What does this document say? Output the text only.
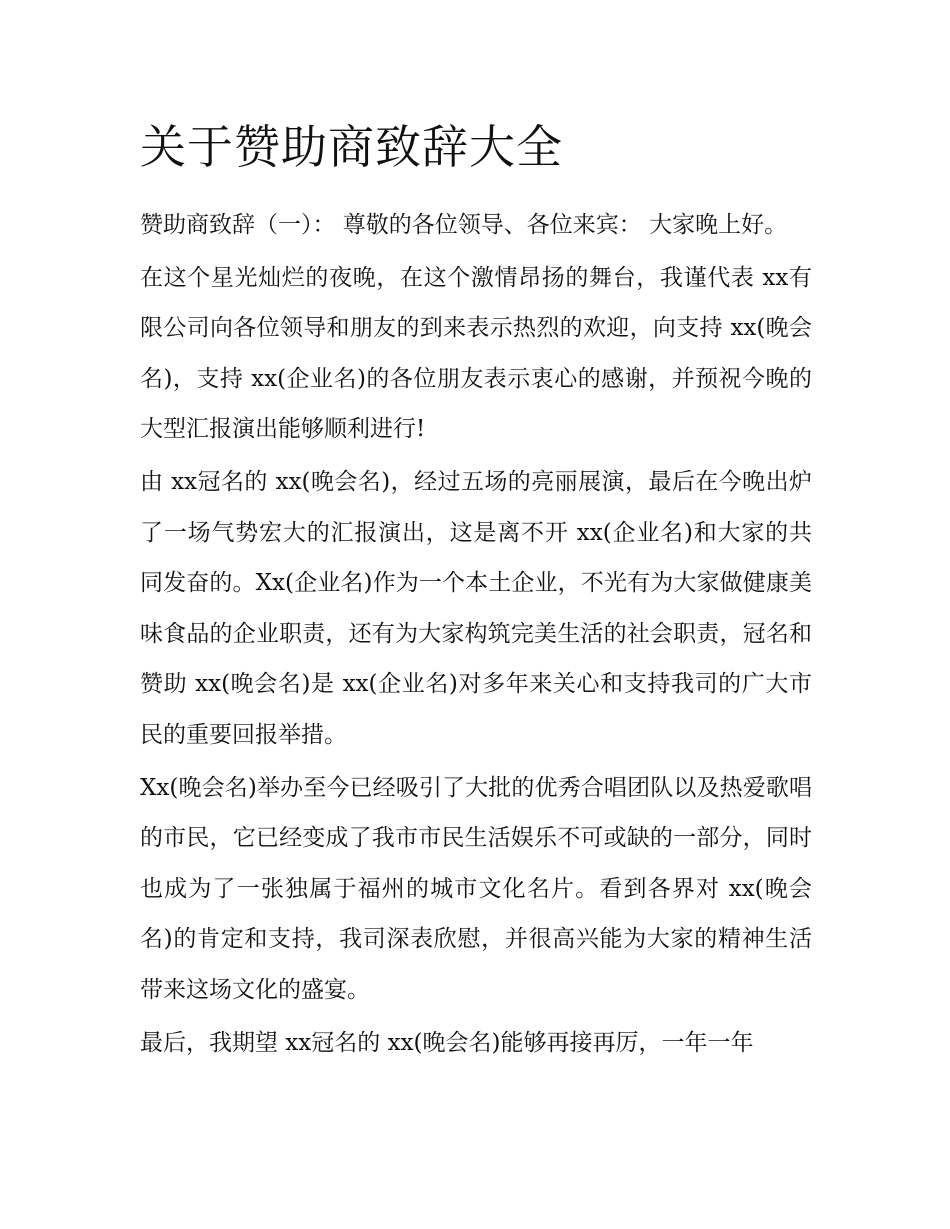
关于赞助商致辞大全

赞助商致辞（一）： 尊敬的各位领导、各位来宾： 大家晚上好。

在这个星光灿烂的夜晚，在这个激情昂扬的舞台，我谨代表 xx有限公司向各位领导和朋友的到来表示热烈的欢迎，向支持 xx(晚会名)，支持 xx(企业名)的各位朋友表示衷心的感谢，并预祝今晚的大型汇报演出能够顺利进行!

由 xx冠名的 xx(晚会名)，经过五场的亮丽展演，最后在今晚出炉了一场气势宏大的汇报演出，这是离不开 xx(企业名)和大家的共同发奋的。Xx(企业名)作为一个本土企业，不光有为大家做健康美味食品的企业职责，还有为大家构筑完美生活的社会职责，冠名和赞助 xx(晚会名)是 xx(企业名)对多年来关心和支持我司的广大市民的重要回报举措。

Xx(晚会名)举办至今已经吸引了大批的优秀合唱团队以及热爱歌唱的市民，它已经变成了我市市民生活娱乐不可或缺的一部分，同时也成为了一张独属于福州的城市文化名片。看到各界对 xx(晚会名)的肯定和支持，我司深表欣慰，并很高兴能为大家的精神生活带来这场文化的盛宴。

最后，我期望 xx冠名的 xx(晚会名)能够再接再厉，一年一年
